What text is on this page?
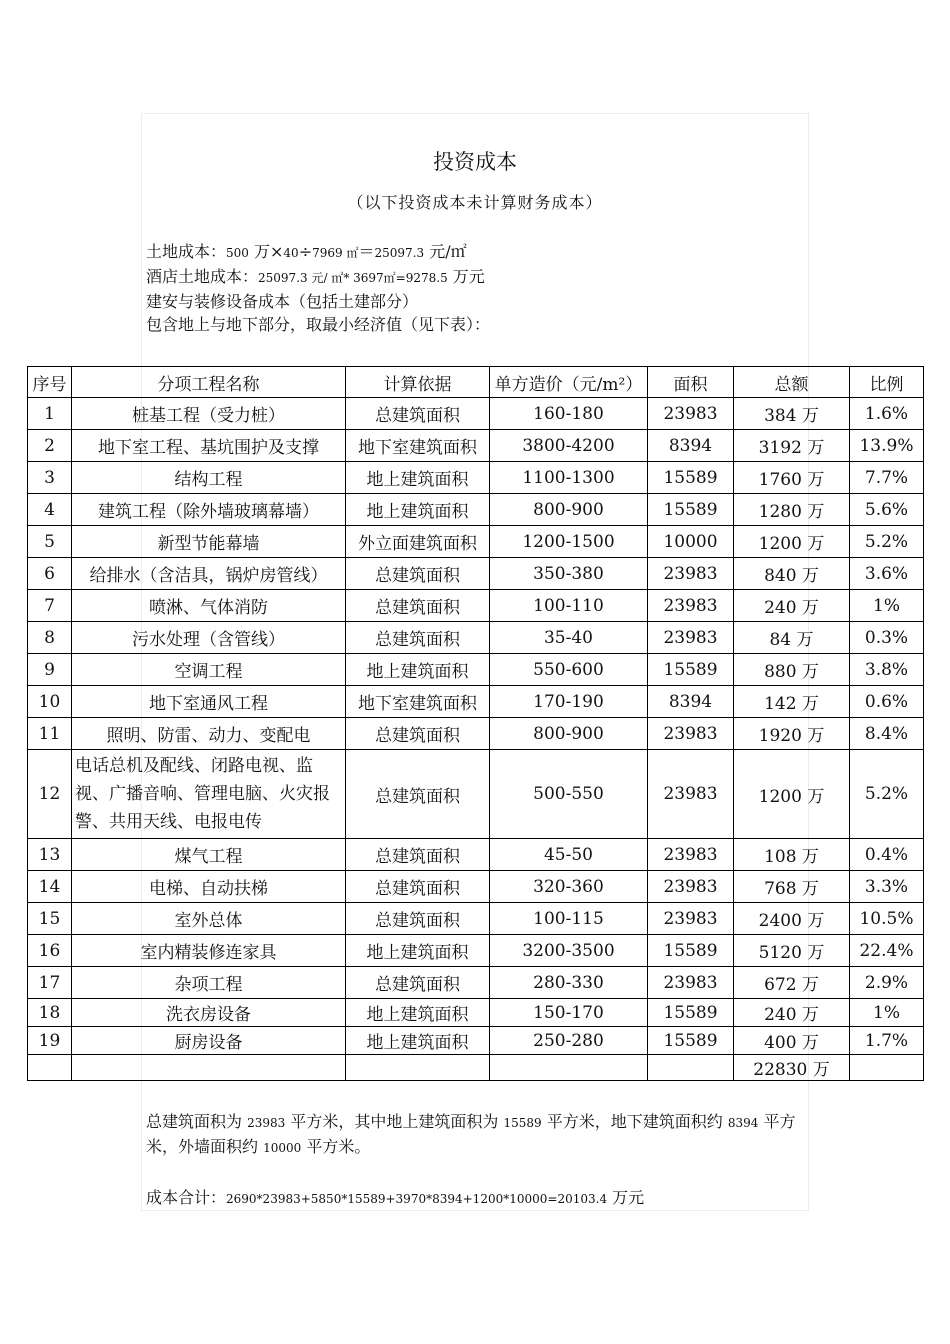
投资成本
（以下投资成本未计算财务成本）
土地成本：500 万×40÷7969 ㎡＝25097.3 元/㎡
酒店土地成本：25097.3 元/ ㎡* 3697㎡=9278.5 万元
建安与装修设备成本（包括土建部分）
包含地上与地下部分，取最小经济值（见下表）：
序号	分项工程名称	计算依据	单方造价（元/m²）	面积	总额	比例
1	桩基工程（受力桩）	总建筑面积	160-180	23983	384 万	1.6%
2	地下室工程、基坑围护及支撑	地下室建筑面积	3800-4200	8394	3192 万	13.9%
3	结构工程	地上建筑面积	1100-1300	15589	1760 万	7.7%
4	建筑工程（除外墙玻璃幕墙）	地上建筑面积	800-900	15589	1280 万	5.6%
5	新型节能幕墙	外立面建筑面积	1200-1500	10000	1200 万	5.2%
6	给排水（含洁具，锅炉房管线）	总建筑面积	350-380	23983	840 万	3.6%
7	喷淋、气体消防	总建筑面积	100-110	23983	240 万	1%
8	污水处理（含管线）	总建筑面积	35-40	23983	84 万	0.3%
9	空调工程	地上建筑面积	550-600	15589	880 万	3.8%
10	地下室通风工程	地下室建筑面积	170-190	8394	142 万	0.6%
11	照明、防雷、动力、变配电	总建筑面积	800-900	23983	1920 万	8.4%
12	电话总机及配线、闭路电视、监视、广播音响、管理电脑、火灾报警、共用天线、电报电传	总建筑面积	500-550	23983	1200 万	5.2%
13	煤气工程	总建筑面积	45-50	23983	108 万	0.4%
14	电梯、自动扶梯	总建筑面积	320-360	23983	768 万	3.3%
15	室外总体	总建筑面积	100-115	23983	2400 万	10.5%
16	室内精装修连家具	地上建筑面积	3200-3500	15589	5120 万	22.4%
17	杂项工程	总建筑面积	280-330	23983	672 万	2.9%
18	洗衣房设备	地上建筑面积	150-170	15589	240 万	1%
19	厨房设备	地上建筑面积	250-280	15589	400 万	1.7%
					22830 万	
总建筑面积为 23983 平方米，其中地上建筑面积为 15589 平方米，地下建筑面积约 8394 平方米，外墙面积约 10000 平方米。
成本合计：2690*23983+5850*15589+3970*8394+1200*10000=20103.4 万元
